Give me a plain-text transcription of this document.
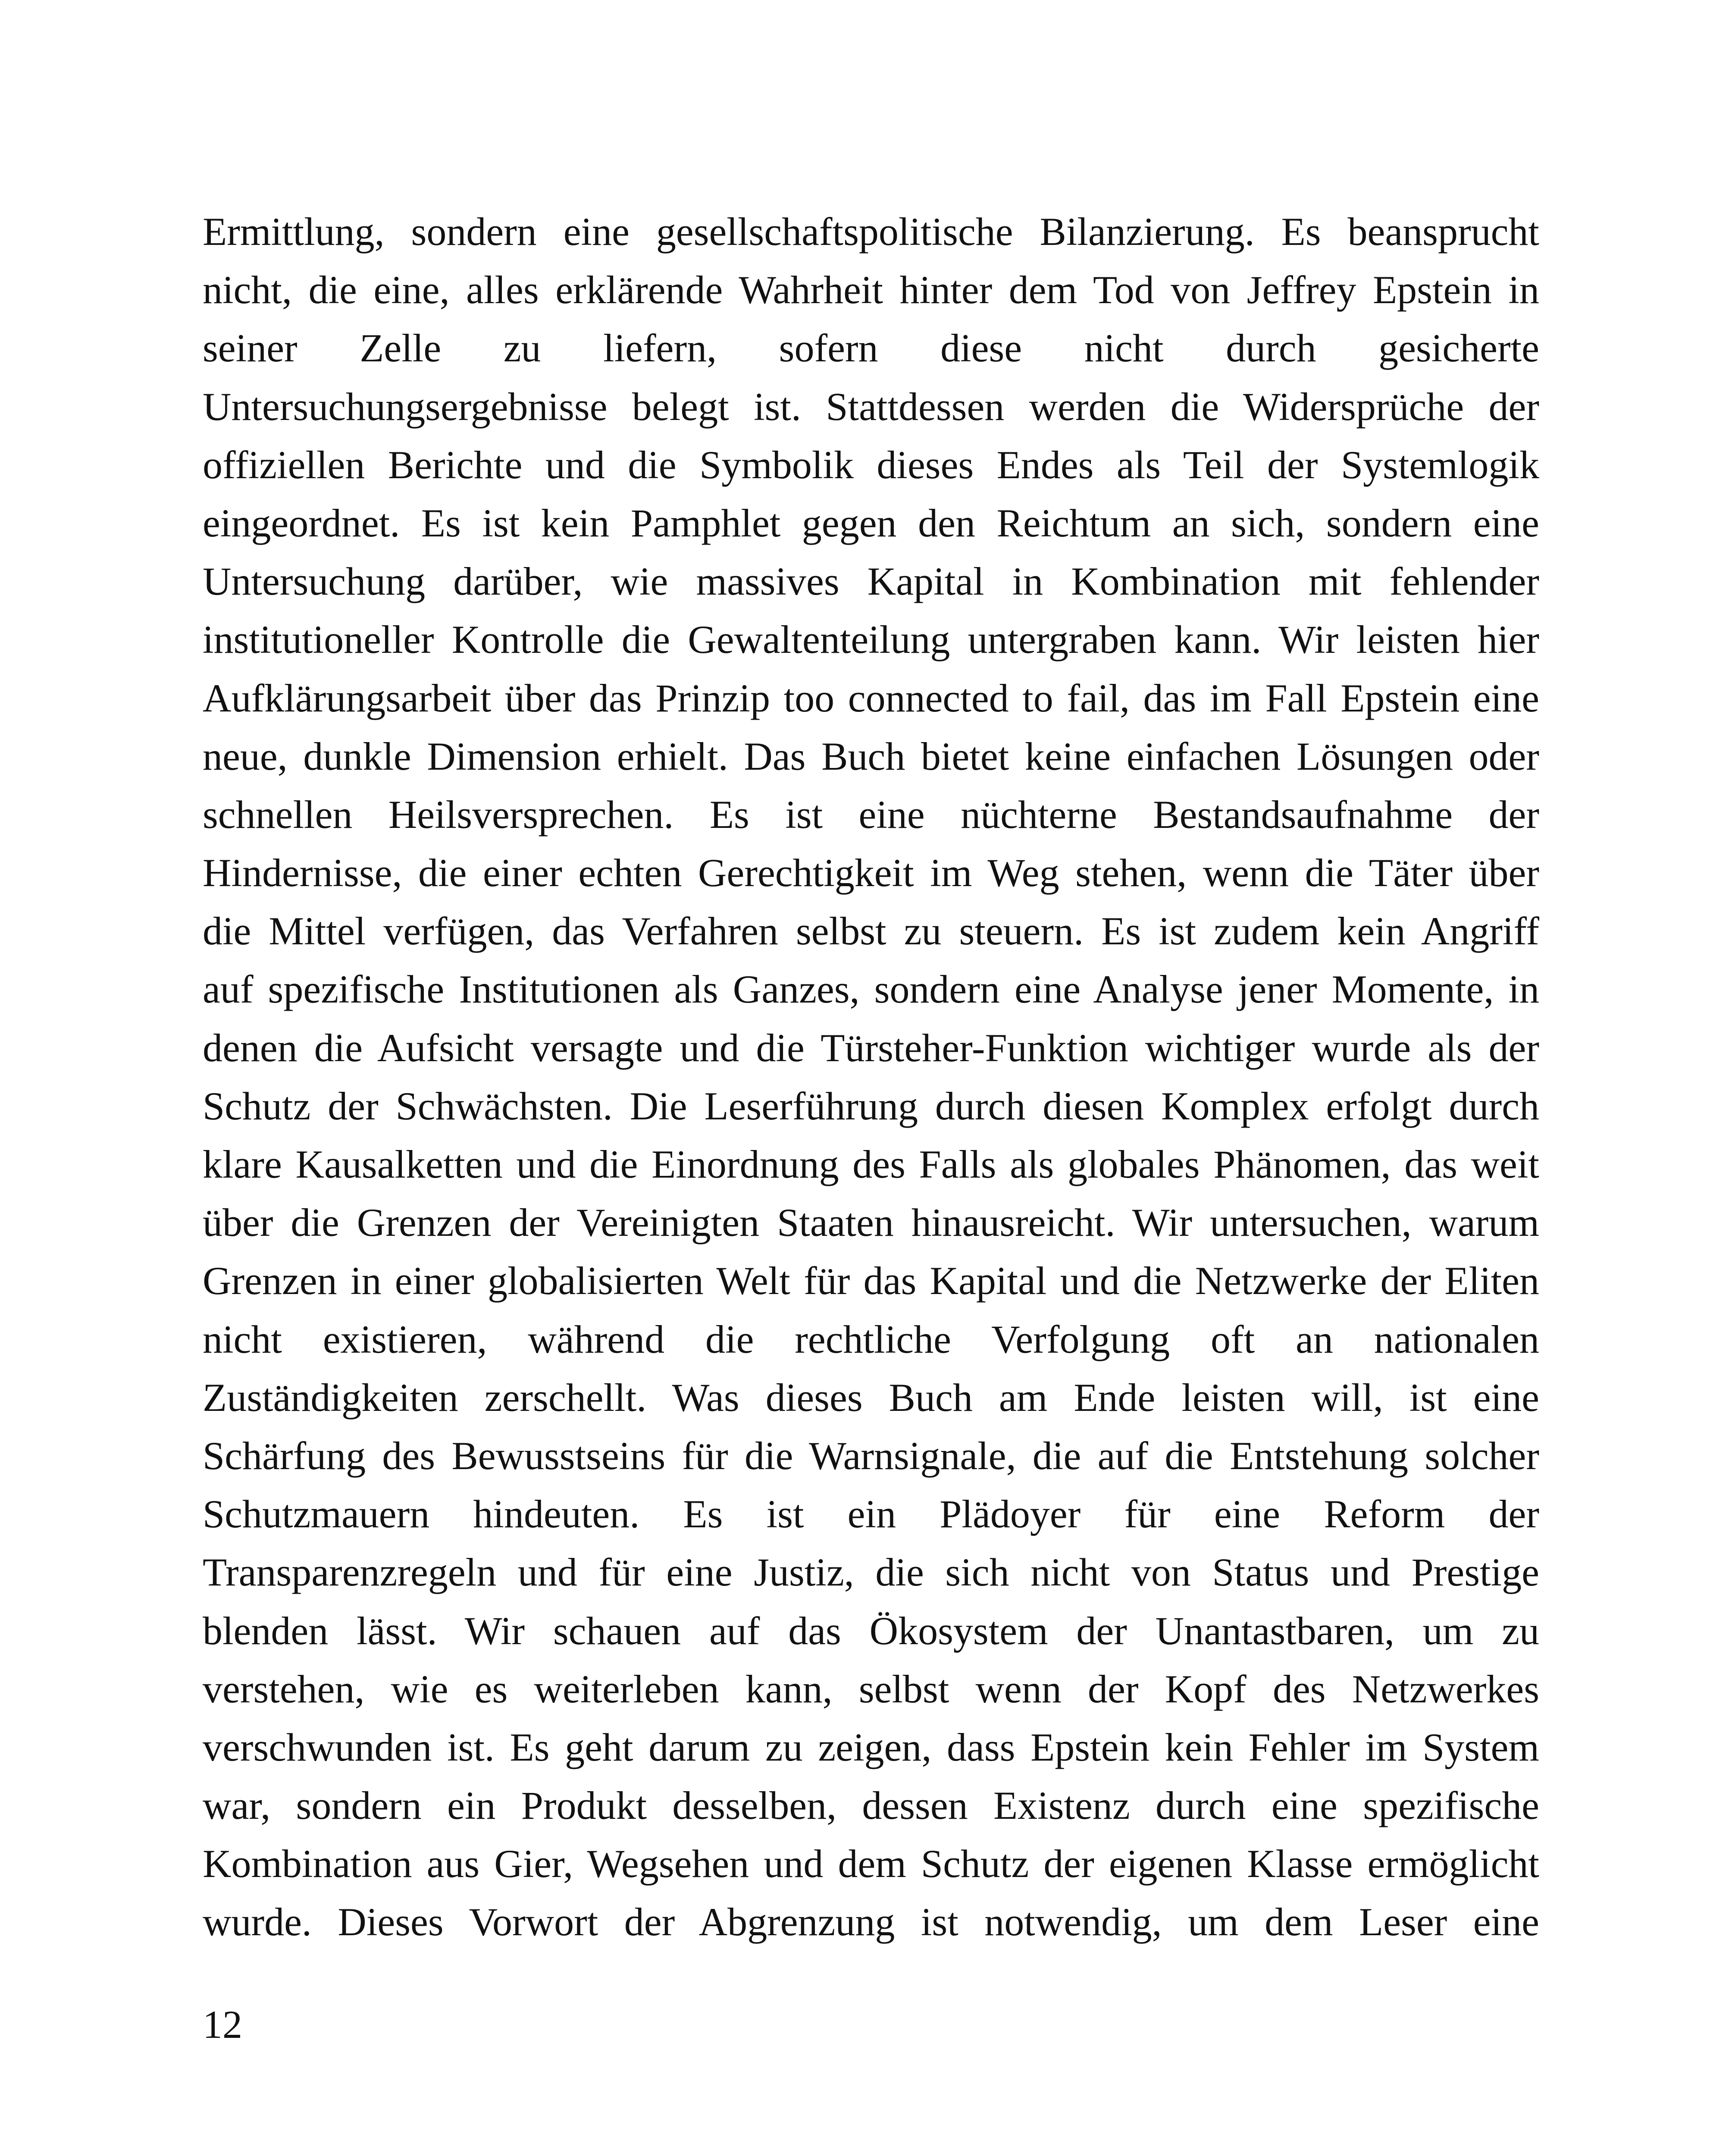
Ermittlung, sondern eine gesellschaftspolitische Bilanzierung. Es beansprucht
nicht, die eine, alles erklärende Wahrheit hinter dem Tod von Jeffrey Epstein in
seiner Zelle zu liefern, sofern diese nicht durch gesicherte
Untersuchungsergebnisse belegt ist. Stattdessen werden die Widersprüche der
offiziellen Berichte und die Symbolik dieses Endes als Teil der Systemlogik
eingeordnet. Es ist kein Pamphlet gegen den Reichtum an sich, sondern eine
Untersuchung darüber, wie massives Kapital in Kombination mit fehlender
institutioneller Kontrolle die Gewaltenteilung untergraben kann. Wir leisten hier
Aufklärungsarbeit über das Prinzip too connected to fail, das im Fall Epstein eine
neue, dunkle Dimension erhielt. Das Buch bietet keine einfachen Lösungen oder
schnellen Heilsversprechen. Es ist eine nüchterne Bestandsaufnahme der
Hindernisse, die einer echten Gerechtigkeit im Weg stehen, wenn die Täter über
die Mittel verfügen, das Verfahren selbst zu steuern. Es ist zudem kein Angriff
auf spezifische Institutionen als Ganzes, sondern eine Analyse jener Momente, in
denen die Aufsicht versagte und die Türsteher-Funktion wichtiger wurde als der
Schutz der Schwächsten. Die Leserführung durch diesen Komplex erfolgt durch
klare Kausalketten und die Einordnung des Falls als globales Phänomen, das weit
über die Grenzen der Vereinigten Staaten hinausreicht. Wir untersuchen, warum
Grenzen in einer globalisierten Welt für das Kapital und die Netzwerke der Eliten
nicht existieren, während die rechtliche Verfolgung oft an nationalen
Zuständigkeiten zerschellt. Was dieses Buch am Ende leisten will, ist eine
Schärfung des Bewusstseins für die Warnsignale, die auf die Entstehung solcher
Schutzmauern hindeuten. Es ist ein Plädoyer für eine Reform der
Transparenzregeln und für eine Justiz, die sich nicht von Status und Prestige
blenden lässt. Wir schauen auf das Ökosystem der Unantastbaren, um zu
verstehen, wie es weiterleben kann, selbst wenn der Kopf des Netzwerkes
verschwunden ist. Es geht darum zu zeigen, dass Epstein kein Fehler im System
war, sondern ein Produkt desselben, dessen Existenz durch eine spezifische
Kombination aus Gier, Wegsehen und dem Schutz der eigenen Klasse ermöglicht
wurde. Dieses Vorwort der Abgrenzung ist notwendig, um dem Leser eine
12
